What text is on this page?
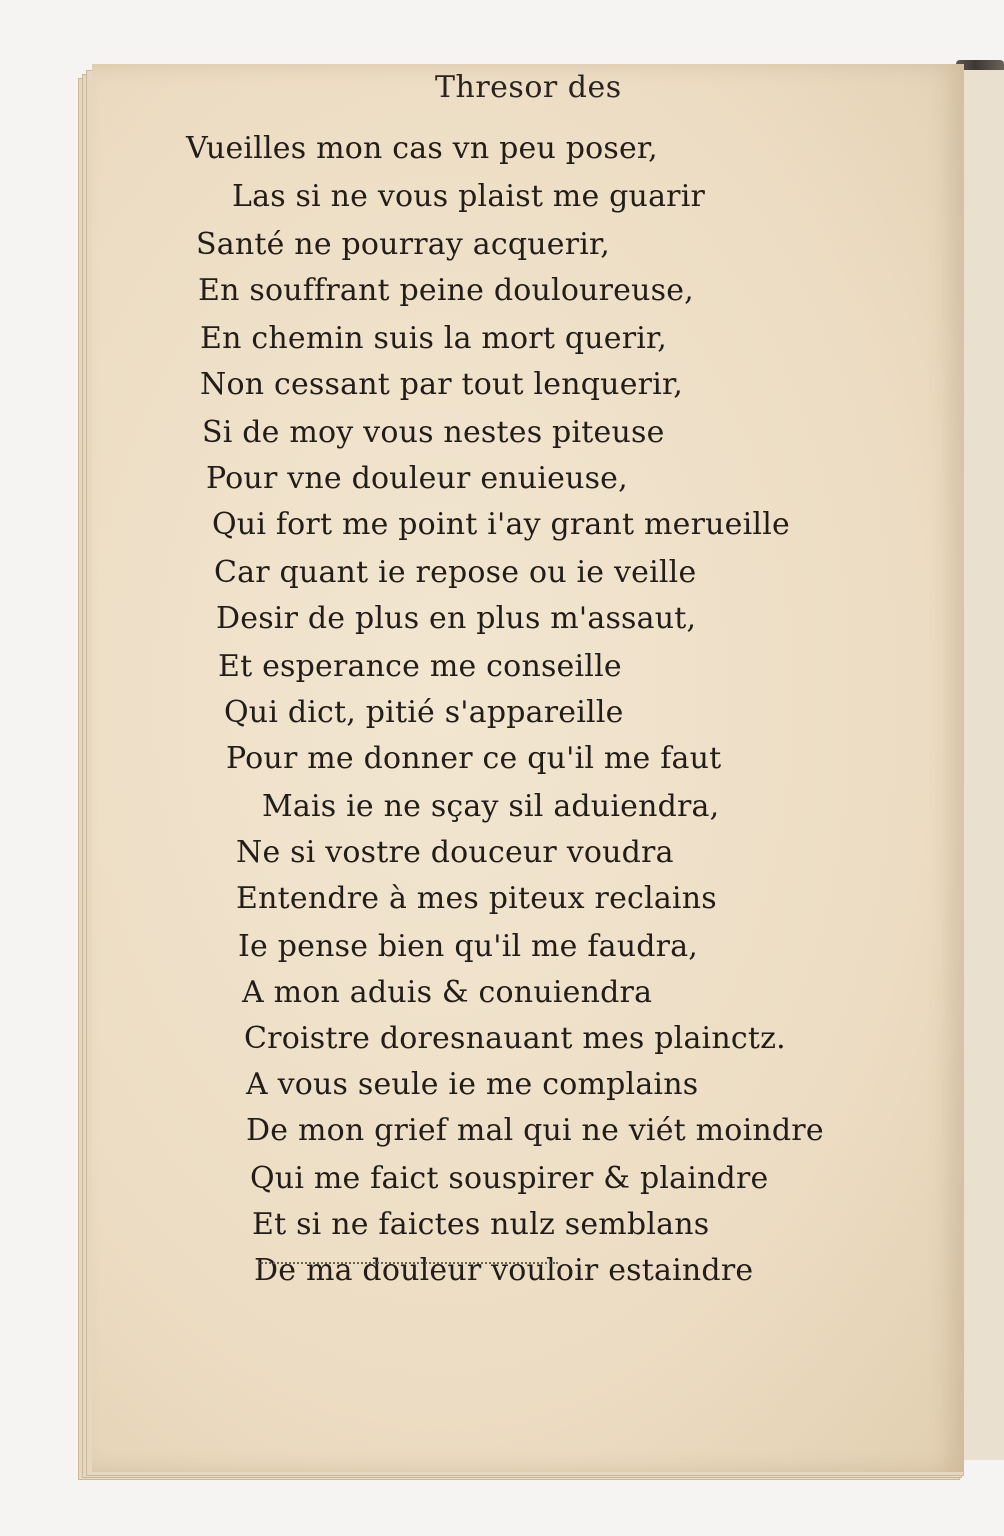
Thresor des
Vueilles mon cas vn peu poser,
Las si ne vous plaist me guarir
Santé ne pourray acquerir,
En souffrant peine douloureuse,
En chemin suis la mort querir,
Non cessant par tout lenquerir,
Si de moy vous nestes piteuse
Pour vne douleur enuieuse,
Qui fort me point i'ay grant merueille
Car quant ie repose ou ie veille
Desir de plus en plus m'assaut,
Et esperance me conseille
Qui dict, pitié s'appareille
Pour me donner ce qu'il me faut
Mais ie ne sçay sil aduiendra,
Ne si vostre douceur voudra
Entendre à mes piteux reclains
Ie pense bien qu'il me faudra,
A mon aduis & conuiendra
Croistre doresnauant mes plainctz.
A vous seule ie me complains
De mon grief mal qui ne viét moindre
Qui me faict souspirer & plaindre
Et si ne faictes nulz semblans
De ma douleur vouloir estaindre
